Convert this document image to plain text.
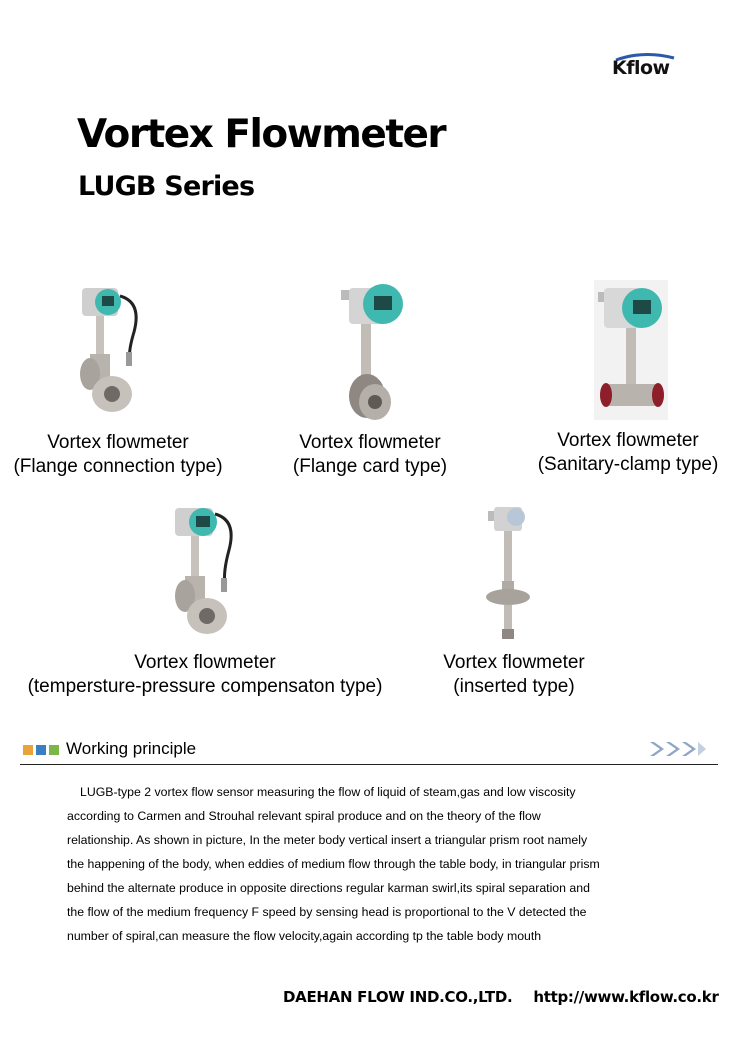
Kflow
Vortex Flowmeter
LUGB Series
Vortex flowmeter
(Flange connection type)
Vortex flowmeter
(Flange card type)
Vortex flowmeter
(Sanitary-clamp type)
Vortex flowmeter
(tempersture-pressure compensaton type)
Vortex flowmeter
(inserted type)
Working principle

LUGB-type 2 vortex flow sensor measuring the flow of liquid of steam,gas and low viscosity according to Carmen and Strouhal relevant spiral produce and on the theory of the flow relationship. As shown in picture, In the meter body vertical insert a triangular prism root namely the happening of the body, when eddies of medium flow through the table body, in triangular prism behind the alternate produce in opposite directions regular karman swirl,its spiral separation and the flow of the medium frequency F speed by sensing head is proportional to the V detected the number of spiral,can measure the flow velocity,again according tp the table body mouth

DAEHAN FLOW IND.CO.,LTD. http://www.kflow.co.kr
